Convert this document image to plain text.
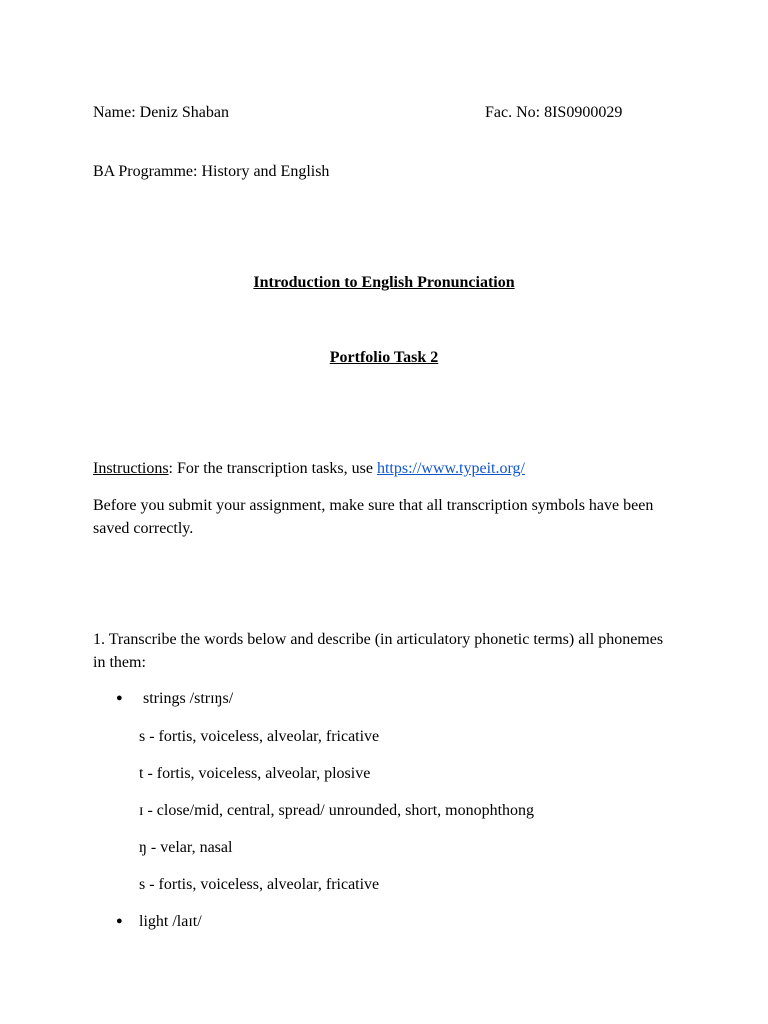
Name: Deniz Shaban	Fac. No: 8IS0900029
BA Programme: History and English
Introduction to English Pronunciation
Portfolio Task 2
Instructions: For the transcription tasks, use https://www.typeit.org/
Before you submit your assignment, make sure that all transcription symbols have been saved correctly.
1. Transcribe the words below and describe (in articulatory phonetic terms) all phonemes in them:
● strings /strɪŋs/
s - fortis, voiceless, alveolar, fricative
t - fortis, voiceless, alveolar, plosive
ɪ - close/mid, central, spread/ unrounded, short, monophthong
ŋ - velar, nasal
s - fortis, voiceless, alveolar, fricative
● light /laɪt/
